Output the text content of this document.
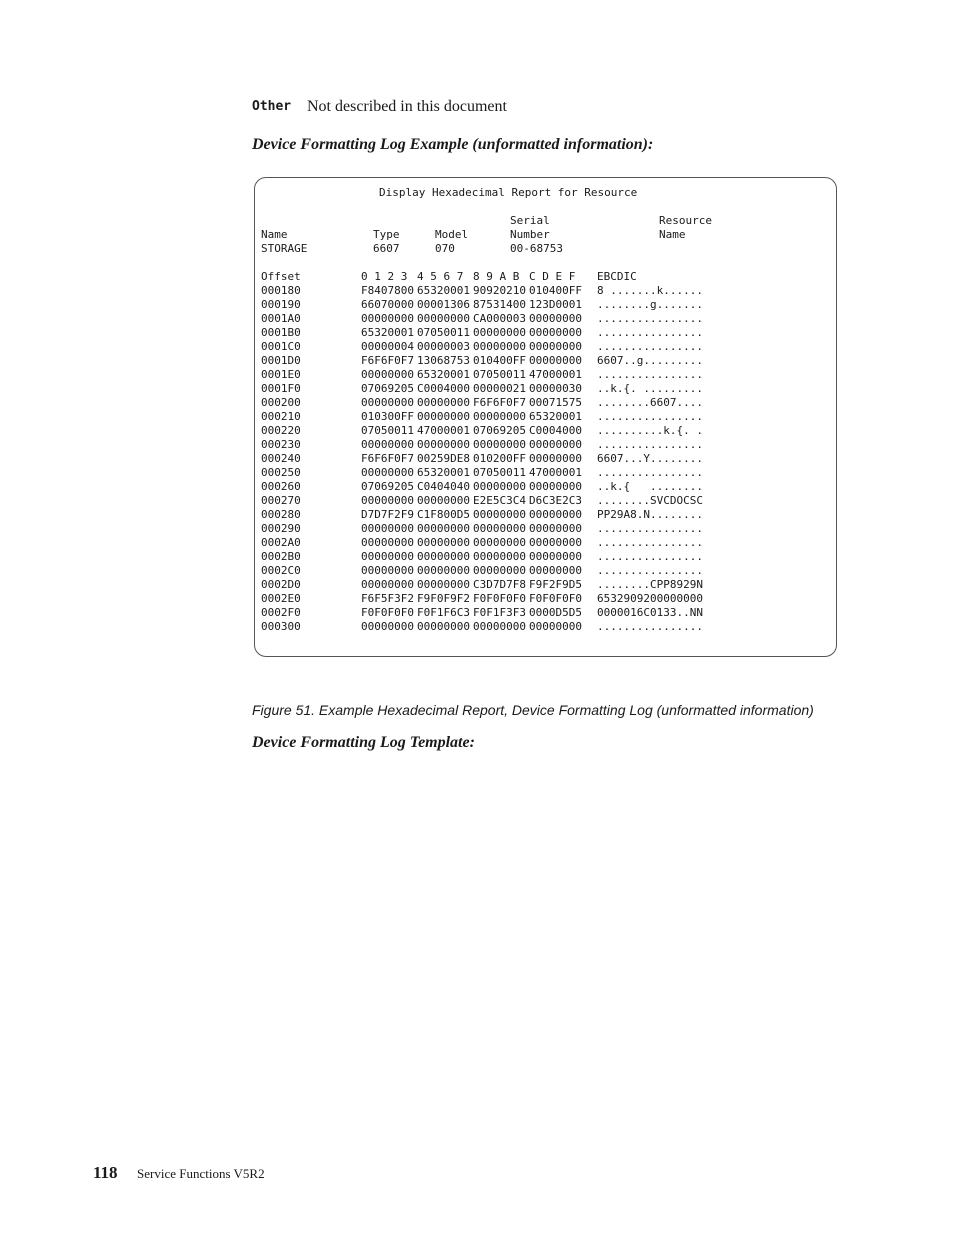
Other Not described in this document
Device Formatting Log Example (unformatted information):
Display Hexadecimal Report for Resource
Serial	Resource
Name	Type	Model	Number	Name
STORAGE	6607	070	00-68753
Offset	0 1 2 3 4 5 6 7 8 9 A B C D E F EBCDIC
000180	F8407800 65320001 90920210 010400FF 8 .......k......
000190	66070000 00001306 87531400 123D0001 ........g.......
0001A0	00000000 00000000 CA000003 00000000 ................
0001B0	65320001 07050011 00000000 00000000 ................
0001C0	00000004 00000003 00000000 00000000 ................
0001D0	F6F6F0F7 13068753 010400FF 00000000 6607..g.........
0001E0	00000000 65320001 07050011 47000001 ................
0001F0	07069205 C0004000 00000021 00000030 ..k.{. .........
000200	00000000 00000000 F6F6F0F7 00071575 ........6607....
000210	010300FF 00000000 00000000 65320001 ................
000220	07050011 47000001 07069205 C0004000 ..........k.{. .
000230	00000000 00000000 00000000 00000000 ................
000240	F6F6F0F7 00259DE8 010200FF 00000000 6607...Y........
000250	00000000 65320001 07050011 47000001 ................
000260	07069205 C0404040 00000000 00000000 ..k.{   ........
000270	00000000 00000000 E2E5C3C4 D6C3E2C3 ........SVCDOCSC
000280	D7D7F2F9 C1F800D5 00000000 00000000 PP29A8.N........
000290	00000000 00000000 00000000 00000000 ................
0002A0	00000000 00000000 00000000 00000000 ................
0002B0	00000000 00000000 00000000 00000000 ................
0002C0	00000000 00000000 00000000 00000000 ................
0002D0	00000000 00000000 C3D7D7F8 F9F2F9D5 ........CPP8929N
0002E0	F6F5F3F2 F9F0F9F2 F0F0F0F0 F0F0F0F0 6532909200000000
0002F0	F0F0F0F0 F0F1F6C3 F0F1F3F3 0000D5D5 0000016C0133..NN
000300	00000000 00000000 00000000 00000000 ................
Figure 51. Example Hexadecimal Report, Device Formatting Log (unformatted information)
Device Formatting Log Template:
118 Service Functions V5R2
